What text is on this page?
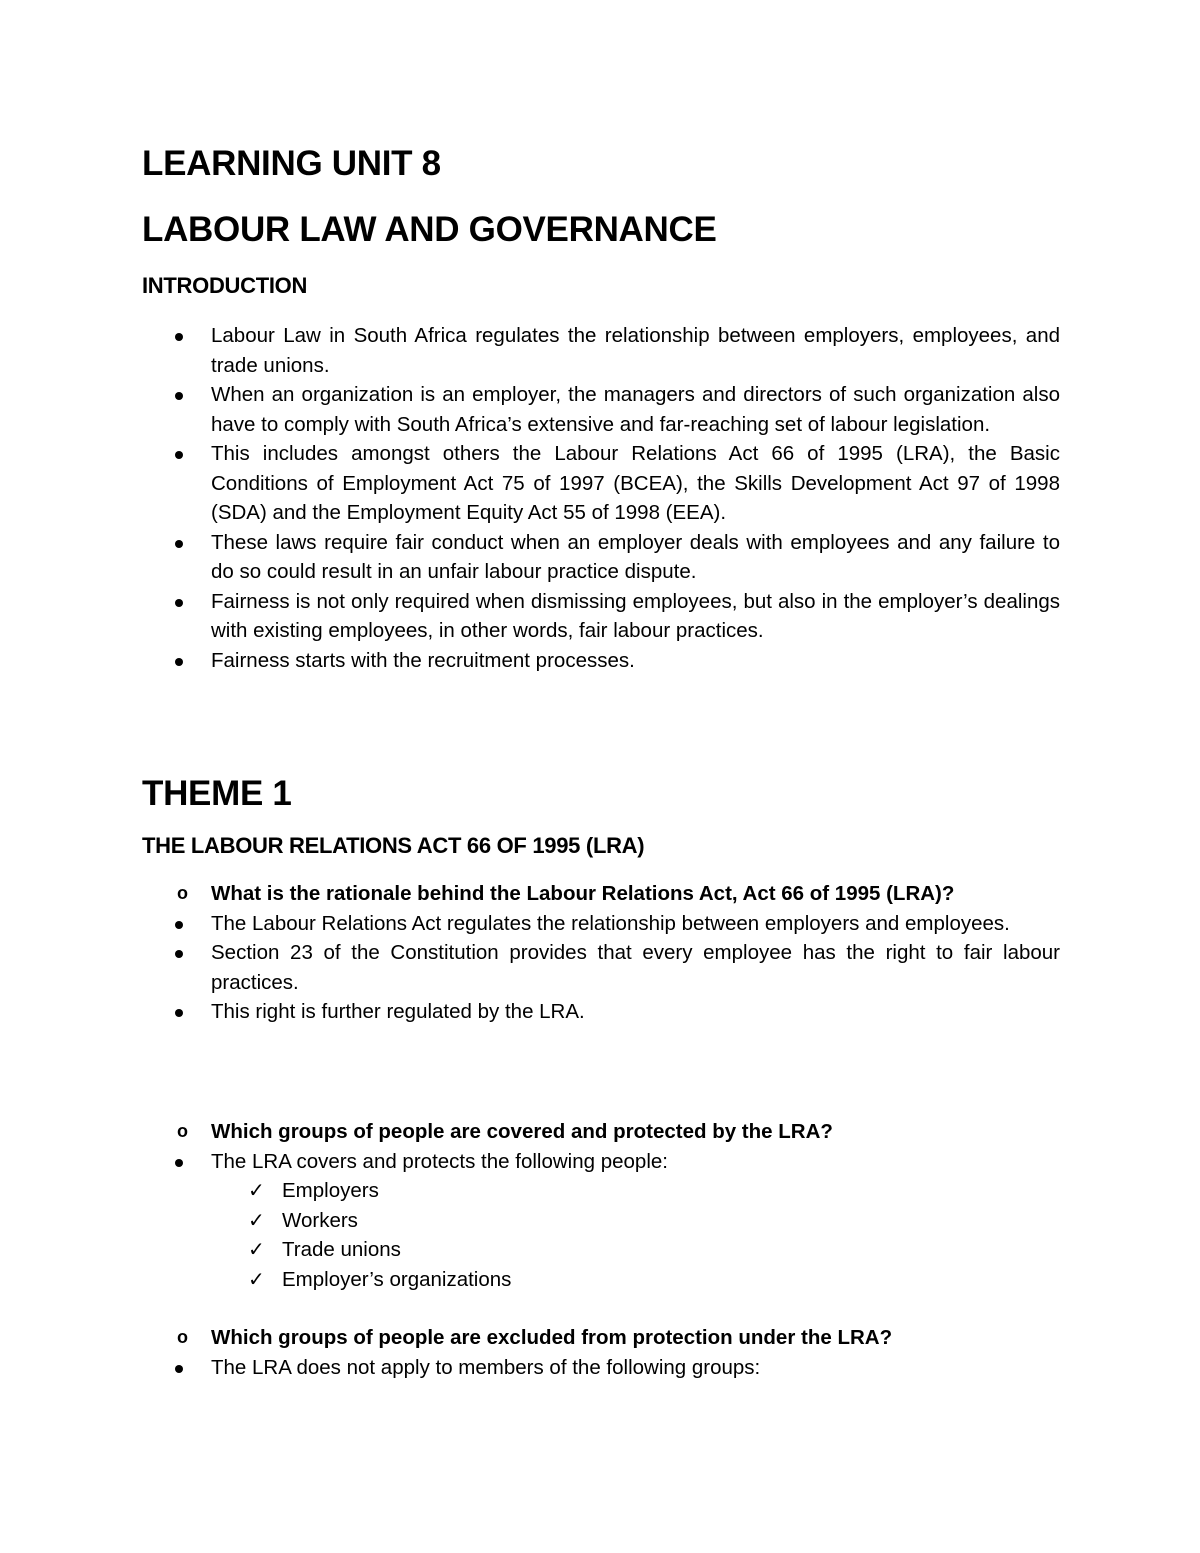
LEARNING UNIT 8
LABOUR LAW AND GOVERNANCE
INTRODUCTION
Labour Law in South Africa regulates the relationship between employers, employees, and trade unions.
When an organization is an employer, the managers and directors of such organization also have to comply with South Africa’s extensive and far-reaching set of labour legislation.
This includes amongst others the Labour Relations Act 66 of 1995 (LRA), the Basic Conditions of Employment Act 75 of 1997 (BCEA), the Skills Development Act 97 of 1998 (SDA) and the Employment Equity Act 55 of 1998 (EEA).
These laws require fair conduct when an employer deals with employees and any failure to do so could result in an unfair labour practice dispute.
Fairness is not only required when dismissing employees, but also in the employer’s dealings with existing employees, in other words, fair labour practices.
Fairness starts with the recruitment processes.
THEME 1
THE LABOUR RELATIONS ACT 66 OF 1995 (LRA)
o What is the rationale behind the Labour Relations Act, Act 66 of 1995 (LRA)?
The Labour Relations Act regulates the relationship between employers and employees.
Section 23 of the Constitution provides that every employee has the right to fair labour practices.
This right is further regulated by the LRA.
o Which groups of people are covered and protected by the LRA?
The LRA covers and protects the following people:
✓ Employers
✓ Workers
✓ Trade unions
✓ Employer’s organizations
o Which groups of people are excluded from protection under the LRA?
The LRA does not apply to members of the following groups:
